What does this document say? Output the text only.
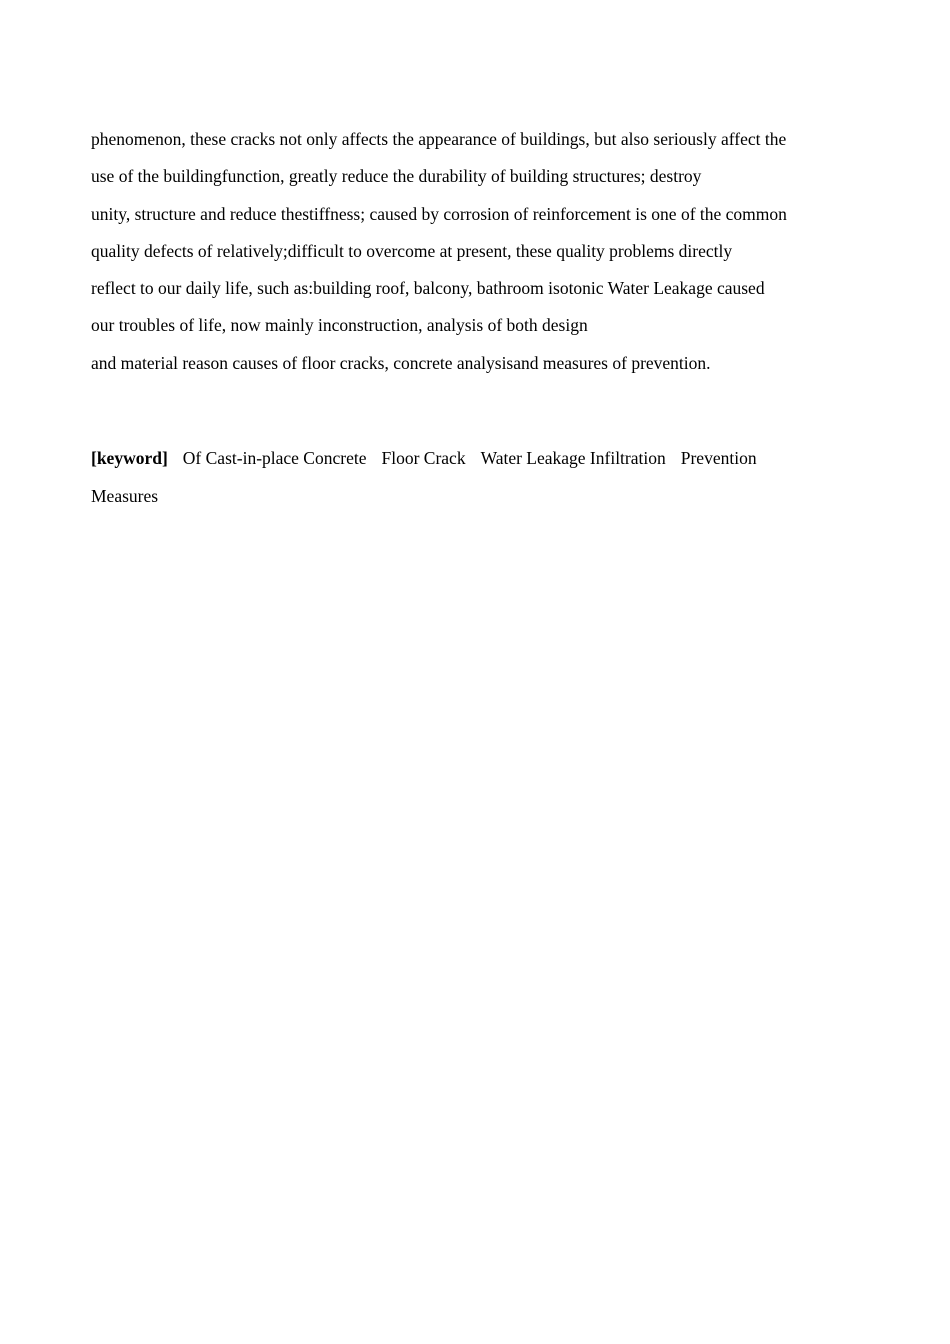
phenomenon, these cracks not only affects the appearance of buildings, but also seriously affect the
use of the buildingfunction, greatly reduce the durability of building structures; destroy
unity, structure and reduce thestiffness; caused by corrosion of reinforcement is one of the common
quality defects of relatively;difficult to overcome at present, these quality problems directly
reflect to our daily life, such as:building roof, balcony, bathroom isotonic Water Leakage caused
our troubles of life, now mainly inconstruction, analysis of both design
and material reason causes of floor cracks, concrete analysisand measures of prevention.
[keyword] Of Cast-in-place Concrete Floor Crack Water Leakage Infiltration Prevention
Measures
